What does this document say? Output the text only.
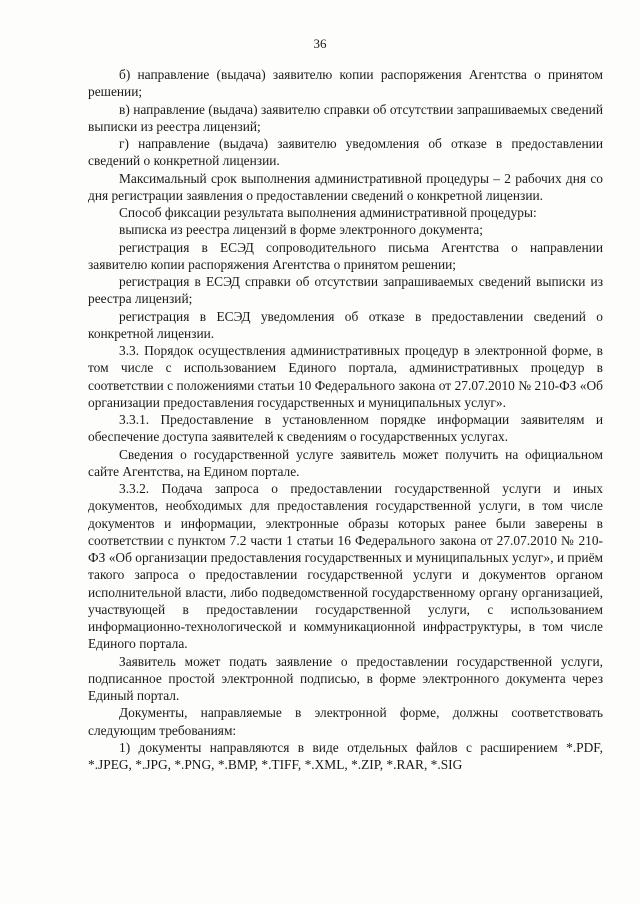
36

б) направление (выдача) заявителю копии распоряжения Агентства о принятом решении;

в) направление (выдача) заявителю справки об отсутствии запрашиваемых сведений выписки из реестра лицензий;

г) направление (выдача) заявителю уведомления об отказе в предоставлении сведений о конкретной лицензии.

Максимальный срок выполнения административной процедуры – 2 рабочих дня со дня регистрации заявления о предоставлении сведений о конкретной лицензии.

Способ фиксации результата выполнения административной процедуры:

выписка из реестра лицензий в форме электронного документа;

регистрация в ЕСЭД сопроводительного письма Агентства о направлении заявителю копии распоряжения Агентства о принятом решении;

регистрация в ЕСЭД справки об отсутствии запрашиваемых сведений выписки из реестра лицензий;

регистрация в ЕСЭД уведомления об отказе в предоставлении сведений о конкретной лицензии.

3.3. Порядок осуществления административных процедур в электронной форме, в том числе с использованием Единого портала, административных процедур в соответствии с положениями статьи 10 Федерального закона от 27.07.2010 № 210-ФЗ «Об организации предоставления государственных и муниципальных услуг».

3.3.1. Предоставление в установленном порядке информации заявителям и обеспечение доступа заявителей к сведениям о государственных услугах.

Сведения о государственной услуге заявитель может получить на официальном сайте Агентства, на Едином портале.

3.3.2. Подача запроса о предоставлении государственной услуги и иных документов, необходимых для предоставления государственной услуги, в том числе документов и информации, электронные образы которых ранее были заверены в соответствии с пунктом 7.2 части 1 статьи 16 Федерального закона от 27.07.2010 № 210-ФЗ «Об организации предоставления государственных и муниципальных услуг», и приём такого запроса о предоставлении государственной услуги и документов органом исполнительной власти, либо подведомственной государственному органу организацией, участвующей в предоставлении государственной услуги, с использованием информационно-технологической и коммуникационной инфраструктуры, в том числе Единого портала.

Заявитель может подать заявление о предоставлении государственной услуги, подписанное простой электронной подписью, в форме электронного документа через Единый портал.

Документы, направляемые в электронной форме, должны соответствовать следующим требованиям:

1) документы направляются в виде отдельных файлов с расширением *.PDF, *.JPEG, *.JPG, *.PNG, *.BMP, *.TIFF, *.XML, *.ZIP, *.RAR, *.SIG
